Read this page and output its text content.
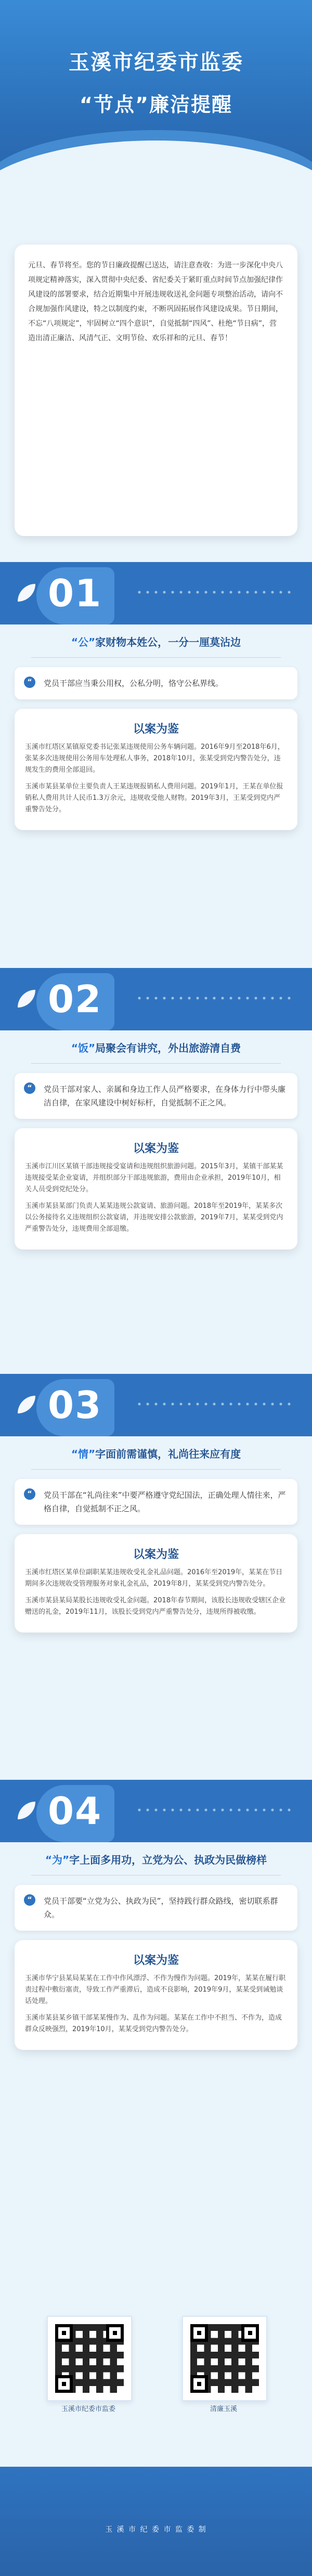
玉溪市纪委市监委
“节点”廉洁提醒
元旦、春节将至。您的节日廉政提醒已送达，请注意查收：为进一步深化中央八项规定精神落实，深入贯彻中央纪委、省纪委关于紧盯重点时间节点加强纪律作风建设的部署要求，结合近期集中开展违规收送礼金问题专项整治活动，请向不合规加强作风建设，特之以制度约束，不断巩固拓展作风建设成果。节日期间，不忘“八项规定”，牢固树立“四个意识”，自觉抵制“四风”、杜绝“节日病”，营造出清正廉洁、风清气正、文明节俭、欢乐祥和的元旦、春节！
01
“公”家财物本姓公，一分一厘莫沾边
“	党员干部应当秉公用权，公私分明，恪守公私界线。
以案为鉴

玉溪市红塔区某镇原党委书记张某违规使用公务车辆问题。2016年9月至2018年6月，张某多次违规使用公务用车处理私人事务，2018年10月，张某受到党内警告处分，违规发生的费用全部退回。

玉溪市某县某单位主要负责人王某违规报销私人费用问题。2019年1月，王某在单位报销私人费用共计人民币1.3万余元，违规收受他人财物。2019年3月，王某受到党内严重警告处分。

02
“饭”局聚会有讲究，外出旅游清自费
“	党员干部对家人、亲属和身边工作人员严格要求，在身体力行中带头廉洁自律，在家风建设中树好标杆，自觉抵制不正之风。
以案为鉴

玉溪市江川区某镇干部违规接受宴请和违规组织旅游问题。2015年3月，某镇干部某某违规接受某企业宴请，并组织部分干部违规旅游，费用由企业承担，2019年10月，相关人员受到党纪处分。

玉溪市某县某部门负责人某某违规公款宴请、旅游问题。2018年至2019年，某某多次以公务接待名义违规组织公款宴请，并违规安排公款旅游，2019年7月，某某受到党内严重警告处分，违规费用全部退缴。

03
“情”字面前需谨慎，礼尚往来应有度
“	党员干部在“礼尚往来”中要严格遵守党纪国法，正确处理人情往来，严格自律，自觉抵制不正之风。
以案为鉴

玉溪市红塔区某单位副职某某违规收受礼金礼品问题。2016年至2019年，某某在节日期间多次违规收受管理服务对象礼金礼品，2019年8月，某某受到党内警告处分。

玉溪市某县某局某股长违规收受礼金问题。2018年春节期间，该股长违规收受辖区企业赠送的礼金，2019年11月，该股长受到党内严重警告处分，违规所得被收缴。

04
“为”字上面多用功，立党为公、执政为民做榜样
“	党员干部要“立党为公、执政为民”，坚持践行群众路线，密切联系群众。
以案为鉴

玉溪市华宁县某局某某在工作中作风漂浮、不作为慢作为问题。2019年，某某在履行职责过程中敷衍塞责，导致工作严重滞后，造成不良影响，2019年9月，某某受到诫勉谈话处理。

玉溪市某县某乡镇干部某某慢作为、乱作为问题。某某在工作中不担当、不作为，造成群众反映强烈，2019年10月，某某受到党内警告处分。

玉溪市纪委市监委	清廉玉溪
玉 溪 市 纪 委 市 监 委 制
